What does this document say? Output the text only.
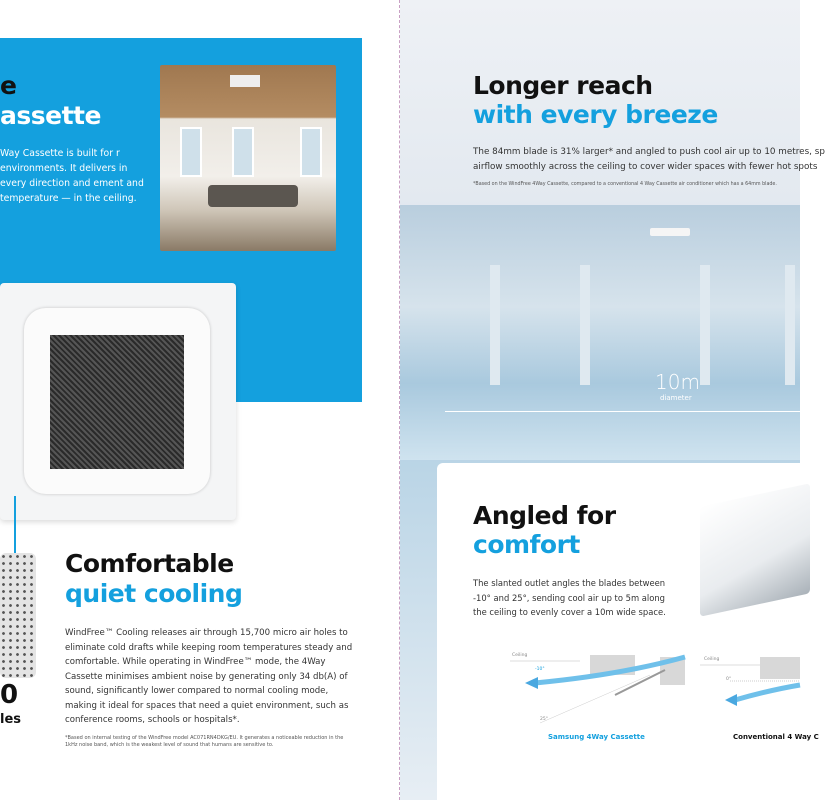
e
assette
Way Cassette is built for r environments. It delivers in every direction and ement and temperature — in the ceiling.
0
les
Comfortable
quiet cooling
WindFree™ Cooling releases air through 15,700 micro air holes to eliminate cold drafts while keeping room temperatures steady and comfortable. While operating in WindFree™ mode, the 4Way Cassette minimises ambient noise by generating only 34 db(A) of sound, significantly lower compared to normal cooling mode, making it ideal for spaces that need a quiet environment, such as conference rooms, schools or hospitals*.
*Based on internal testing of the WindFree model AC071RN4DKG/EU. It generates a noticeable reduction in the 1kHz noise band, which is the weakest level of sound that humans are sensitive to.
Longer reach
with every breeze
The 84mm blade is 31% larger* and angled to push cool air up to 10 metres, sp
airflow smoothly across the ceiling to cover wider spaces with fewer hot spots
*Based on the WindFree 4Way Cassette, compared to a conventional 4 Way Cassette air conditioner which has a 64mm blade.
10m
diameter
Angled for
comfort
The slanted outlet angles the blades between -10° and 25°, sending cool air up to 5m along the ceiling to evenly cover a 10m wide space.
Ceiling
-10°
25°
Ceiling
0°
Samsung 4Way Cassette	Conventional 4 Way C
